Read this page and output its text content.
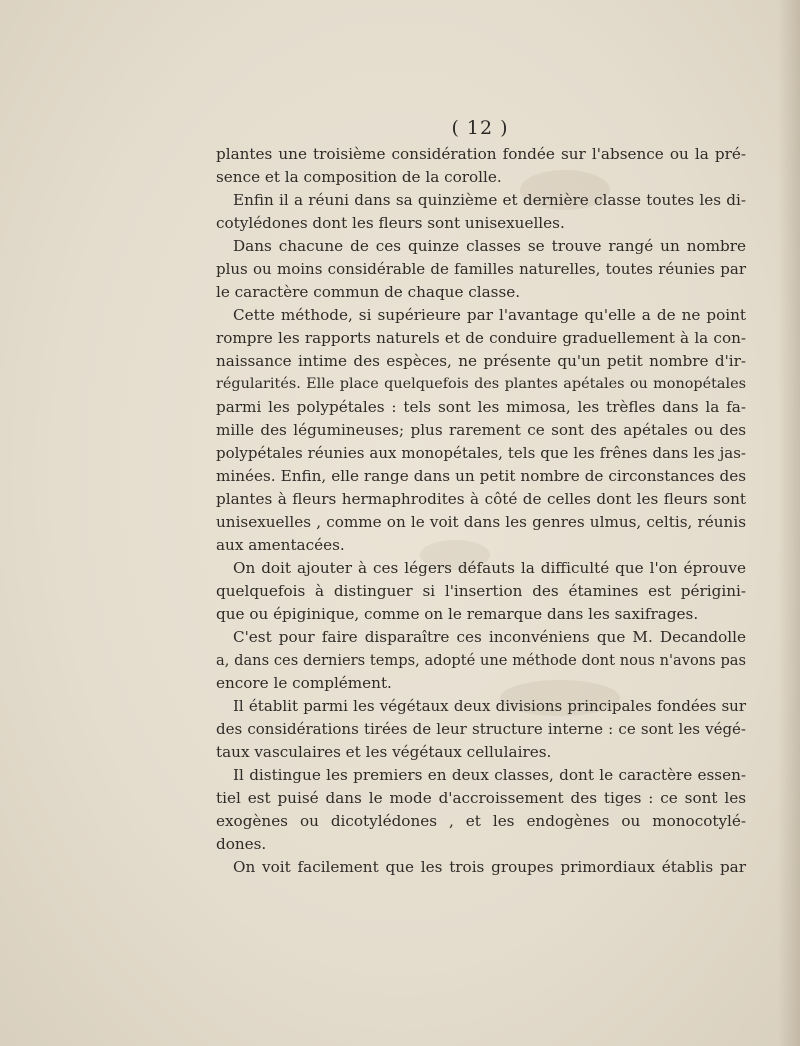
( 12 )
plantes une troisième considération fondée sur l'absence ou la pré-
sence et la composition de la corolle.
Enfin il a réuni dans sa quinzième et dernière classe toutes les di-
cotylédones dont les fleurs sont unisexuelles.
Dans chacune de ces quinze classes se trouve rangé un nombre
plus ou moins considérable de familles naturelles, toutes réunies par
le caractère commun de chaque classe.
Cette méthode, si supérieure par l'avantage qu'elle a de ne point
rompre les rapports naturels et de conduire graduellement à la con-
naissance intime des espèces, ne présente qu'un petit nombre d'ir-
régularités. Elle place quelquefois des plantes apétales ou monopétales
parmi les polypétales : tels sont les mimosa, les trèfles dans la fa-
mille des légumineuses; plus rarement ce sont des apétales ou des
polypétales réunies aux monopétales, tels que les frênes dans les jas-
minées. Enfin, elle range dans un petit nombre de circonstances des
plantes à fleurs hermaphrodites à côté de celles dont les fleurs sont
unisexuelles , comme on le voit dans les genres ulmus, celtis, réunis
aux amentacées.
On doit ajouter à ces légers défauts la difficulté que l'on éprouve
quelquefois à distinguer si l'insertion des étamines est périgini-
que ou épiginique, comme on le remarque dans les saxifrages.
C'est pour faire disparaître ces inconvéniens que M. Decandolle
a, dans ces derniers temps, adopté une méthode dont nous n'avons pas
encore le complément.
Il établit parmi les végétaux deux divisions principales fondées sur
des considérations tirées de leur structure interne : ce sont les végé-
taux vasculaires et les végétaux cellulaires.
Il distingue les premiers en deux classes, dont le caractère essen-
tiel est puisé dans le mode d'accroissement des tiges : ce sont les
exogènes ou dicotylédones , et les endogènes ou monocotylé-
dones.
On voit facilement que les trois groupes primordiaux établis par
